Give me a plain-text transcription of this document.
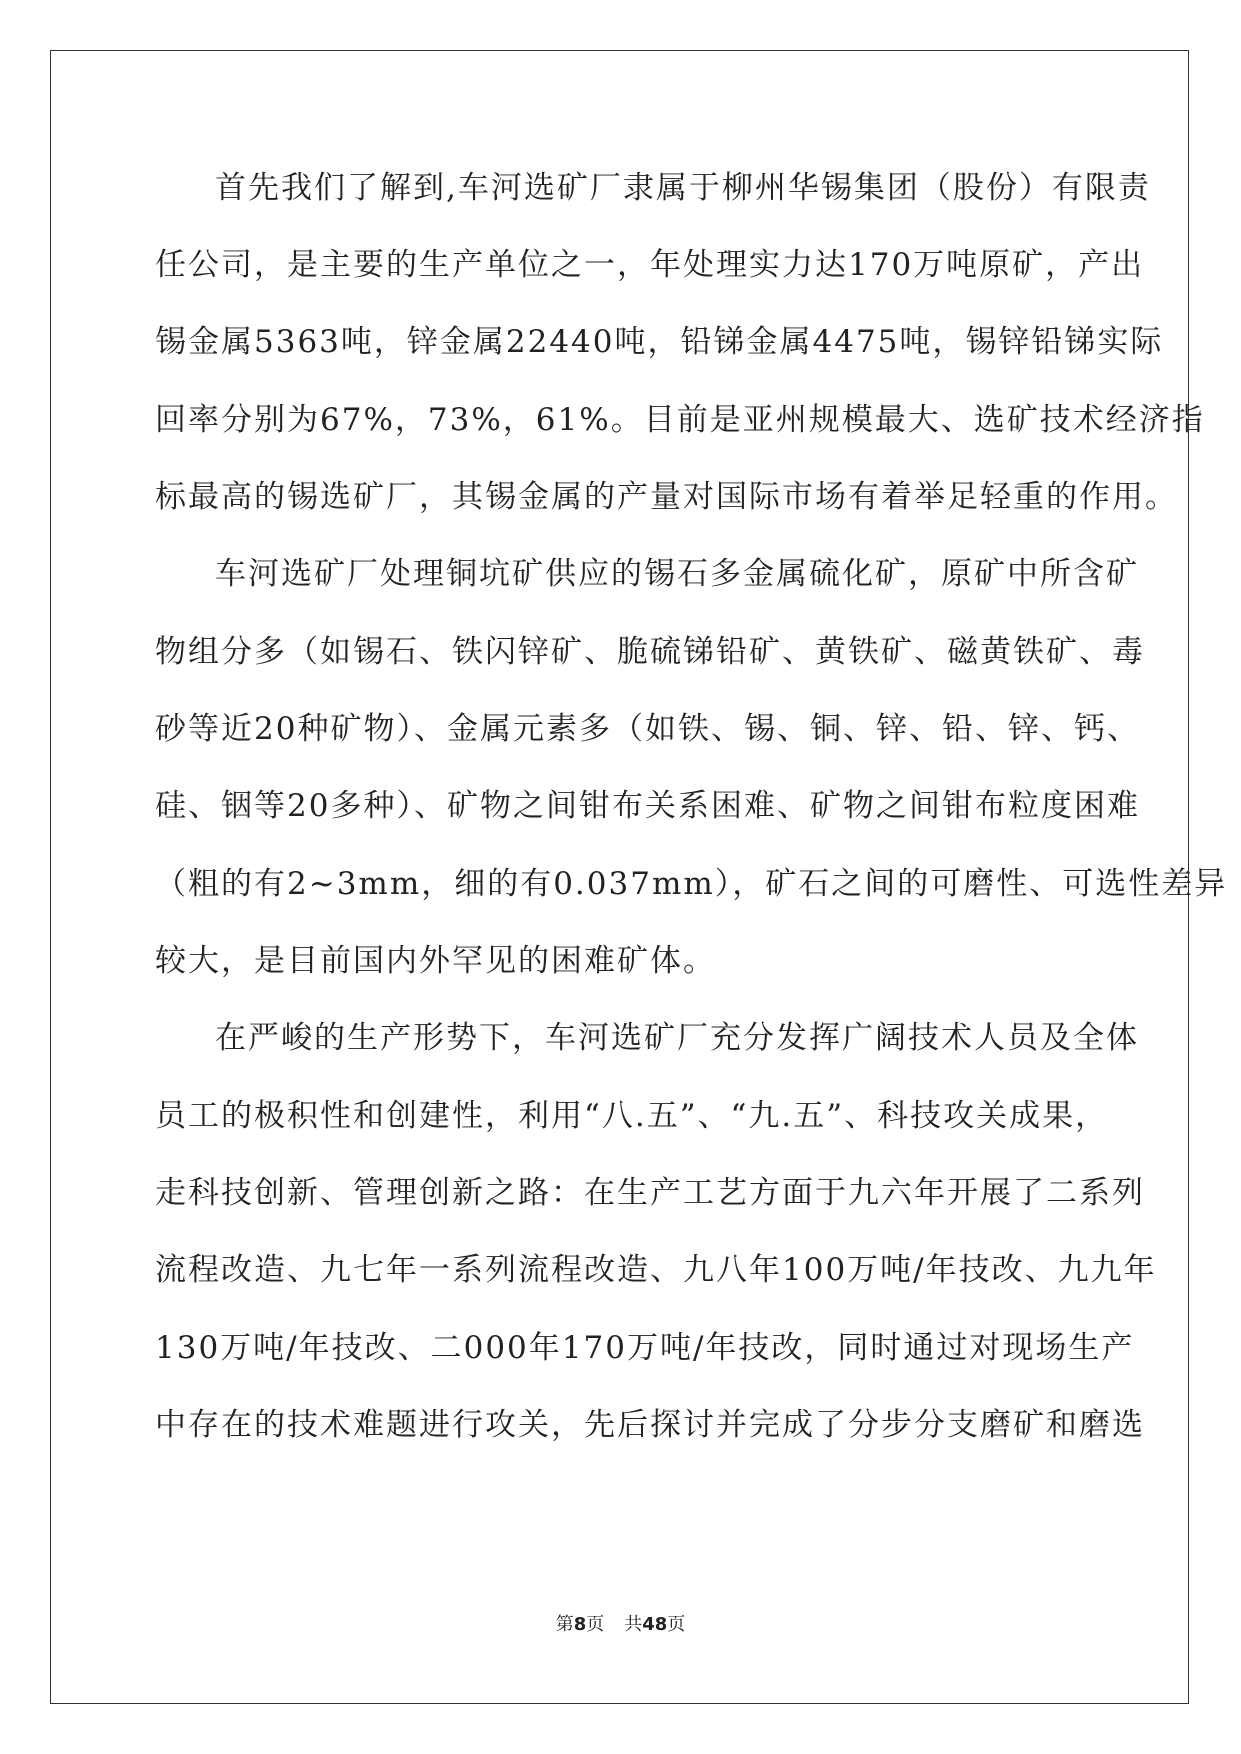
首先我们了解到,车河选矿厂隶属于柳州华锡集团（股份）有限责
任公司，是主要的生产单位之一，年处理实力达170万吨原矿，产出
锡金属5363吨，锌金属22440吨，铅锑金属4475吨，锡锌铅锑实际
回率分别为67%，73%，61%。目前是亚州规模最大、选矿技术经济指
标最高的锡选矿厂，其锡金属的产量对国际市场有着举足轻重的作用。
车河选矿厂处理铜坑矿供应的锡石多金属硫化矿，原矿中所含矿
物组分多（如锡石、铁闪锌矿、脆硫锑铅矿、黄铁矿、磁黄铁矿、毒
砂等近20种矿物）、金属元素多（如铁、锡、铜、锌、铅、锌、钙、
硅、铟等20多种）、矿物之间钳布关系困难、矿物之间钳布粒度困难
（粗的有2~3mm，细的有0.037mm），矿石之间的可磨性、可选性差异
较大，是目前国内外罕见的困难矿体。
在严峻的生产形势下，车河选矿厂充分发挥广阔技术人员及全体
员工的极积性和创建性，利用“八.五”、“九.五”、科技攻关成果，
走科技创新、管理创新之路：在生产工艺方面于九六年开展了二系列
流程改造、九七年一系列流程改造、九八年100万吨/年技改、九九年
130万吨/年技改、二000年170万吨/年技改，同时通过对现场生产
中存在的技术难题进行攻关，先后探讨并完成了分步分支磨矿和磨选
第8页 共48页
